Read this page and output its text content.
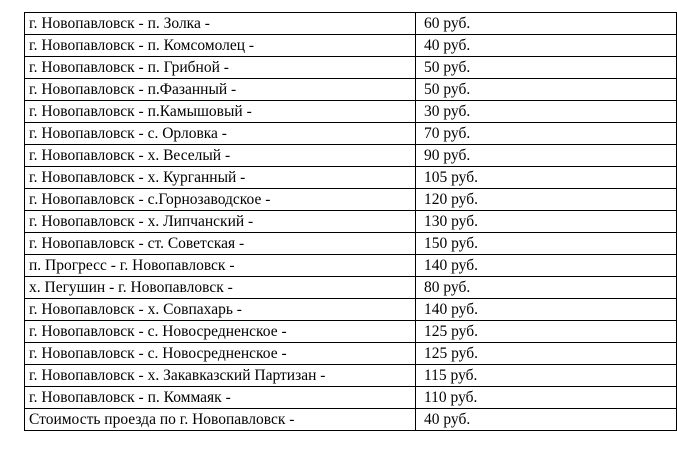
г. Новопавловск - п. Золка -	60 руб.
г. Новопавловск - п. Комсомолец -	40 руб.
г. Новопавловск - п. Грибной -	50 руб.
г. Новопавловск - п.Фазанный -	50 руб.
г. Новопавловск - п.Камышовый -	30 руб.
г. Новопавловск - с. Орловка -	70 руб.
г. Новопавловск - х. Веселый -	90 руб.
г. Новопавловск - х. Курганный -	105 руб.
г. Новопавловск - с.Горнозаводское -	120 руб.
г. Новопавловск - х. Липчанский -	130 руб.
г. Новопавловск - ст. Советская -	150 руб.
п. Прогресс - г. Новопавловск -	140 руб.
х. Пегушин - г. Новопавловск -	80 руб.
г. Новопавловск - х. Совпахарь -	140 руб.
г. Новопавловск - с. Новосредненское -	125 руб.
г. Новопавловск - с. Новосредненское -	125 руб.
г. Новопавловск - х. Закавказский Партизан -	115 руб.
г. Новопавловск - п. Коммаяк -	110 руб.
Стоимость проезда по г. Новопавловск -	40 руб.
